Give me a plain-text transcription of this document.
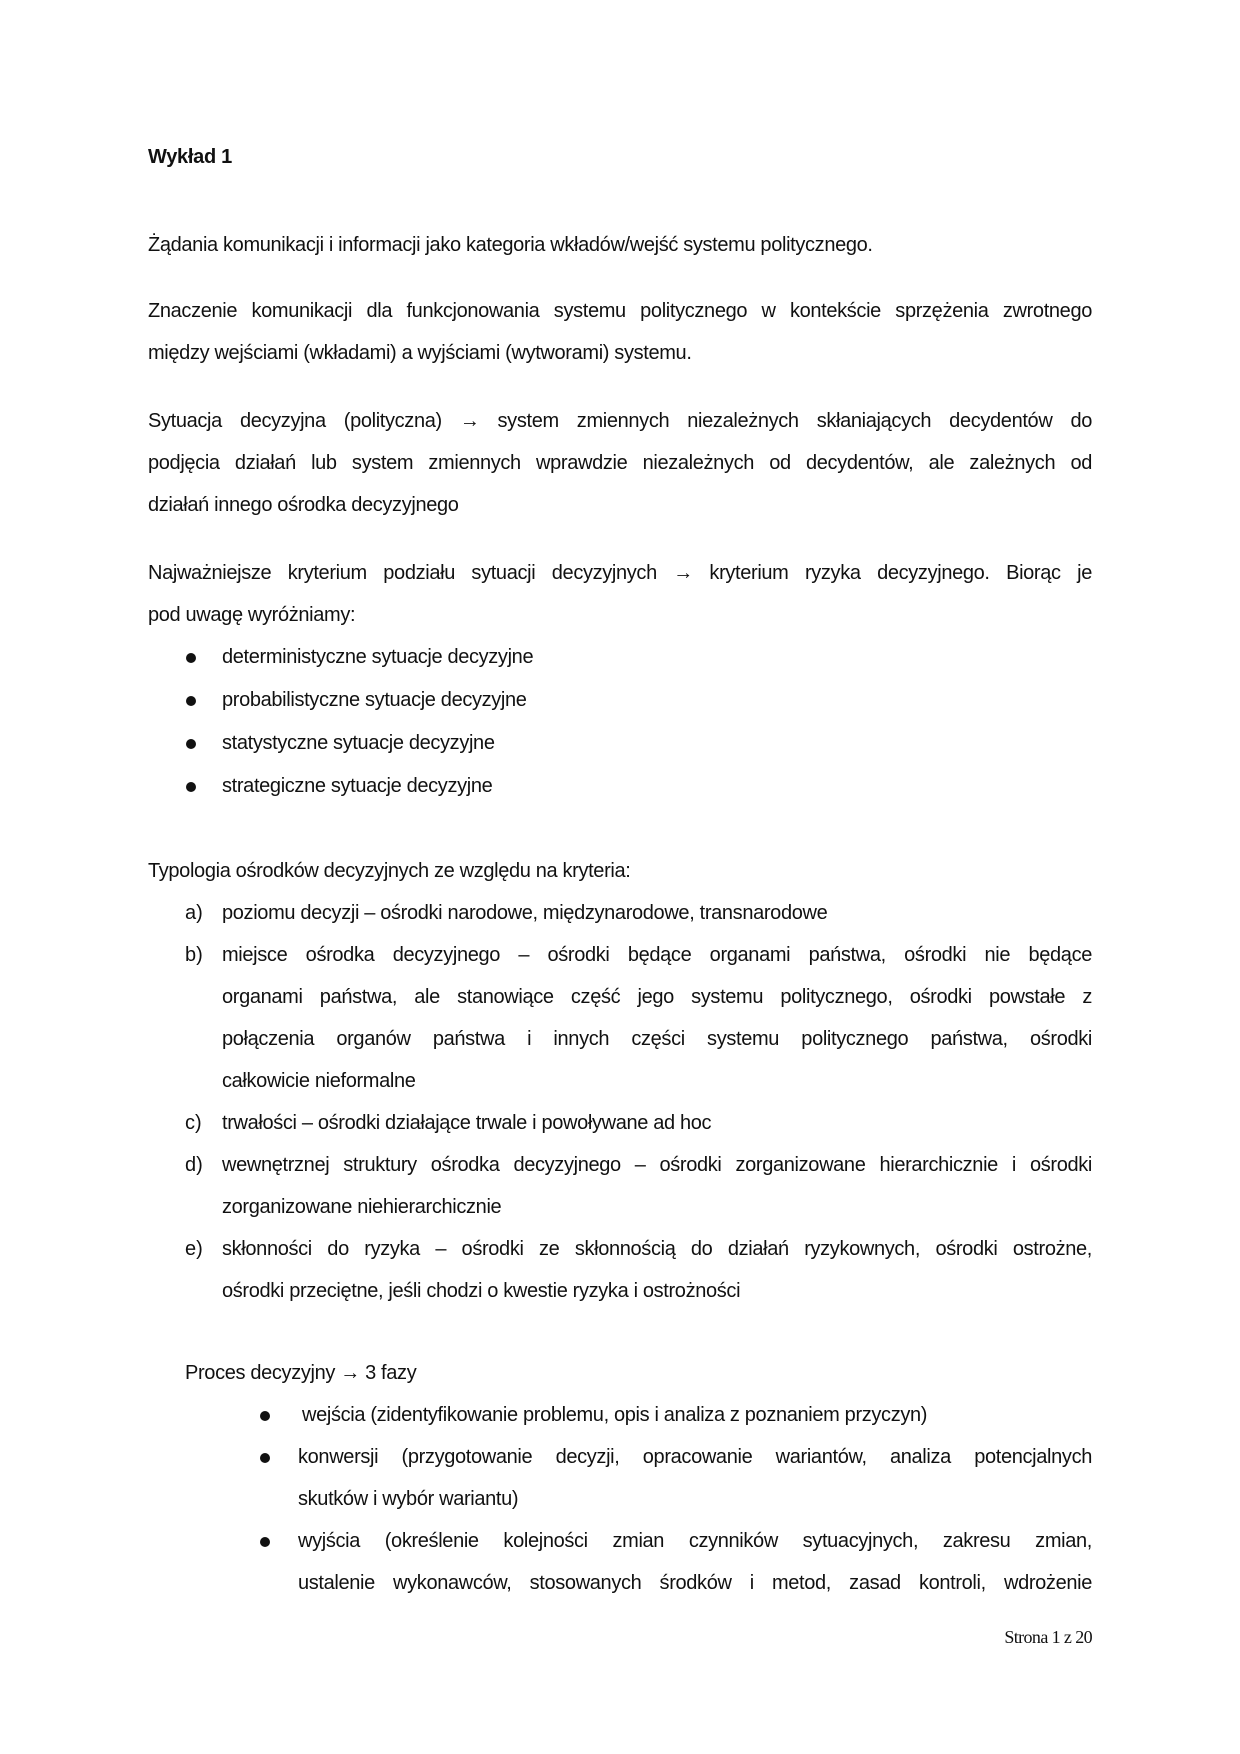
Wykład 1
Żądania komunikacji i informacji jako kategoria wkładów/wejść systemu politycznego.
Znaczenie komunikacji dla funkcjonowania systemu politycznego w kontekście sprzężenia zwrotnego
między wejściami (wkładami) a wyjściami (wytworami) systemu.
Sytuacja decyzyjna (polityczna) → system zmiennych niezależnych skłaniających decydentów do
podjęcia działań lub system zmiennych wprawdzie niezależnych od decydentów, ale zależnych od
działań innego ośrodka decyzyjnego
Najważniejsze kryterium podziału sytuacji decyzyjnych → kryterium ryzyka decyzyjnego. Biorąc je
pod uwagę wyróżniamy:
deterministyczne sytuacje decyzyjne
probabilistyczne sytuacje decyzyjne
statystyczne sytuacje decyzyjne
strategiczne sytuacje decyzyjne
Typologia ośrodków decyzyjnych ze względu na kryteria:
a) poziomu decyzji – ośrodki narodowe, międzynarodowe, transnarodowe
b) miejsce ośrodka decyzyjnego – ośrodki będące organami państwa, ośrodki nie będące
organami państwa, ale stanowiące część jego systemu politycznego, ośrodki powstałe z
połączenia organów państwa i innych części systemu politycznego państwa, ośrodki
całkowicie nieformalne
c) trwałości – ośrodki działające trwale i powoływane ad hoc
d) wewnętrznej struktury ośrodka decyzyjnego – ośrodki zorganizowane hierarchicznie i ośrodki
zorganizowane niehierarchicznie
e) skłonności do ryzyka – ośrodki ze skłonnością do działań ryzykownych, ośrodki ostrożne,
ośrodki przeciętne, jeśli chodzi o kwestie ryzyka i ostrożności
Proces decyzyjny → 3 fazy
wejścia (zidentyfikowanie problemu, opis i analiza z poznaniem przyczyn)
konwersji (przygotowanie decyzji, opracowanie wariantów, analiza potencjalnych
skutków i wybór wariantu)
wyjścia (określenie kolejności zmian czynników sytuacyjnych, zakresu zmian,
ustalenie wykonawców, stosowanych środków i metod, zasad kontroli, wdrożenie
Strona 1 z 20
